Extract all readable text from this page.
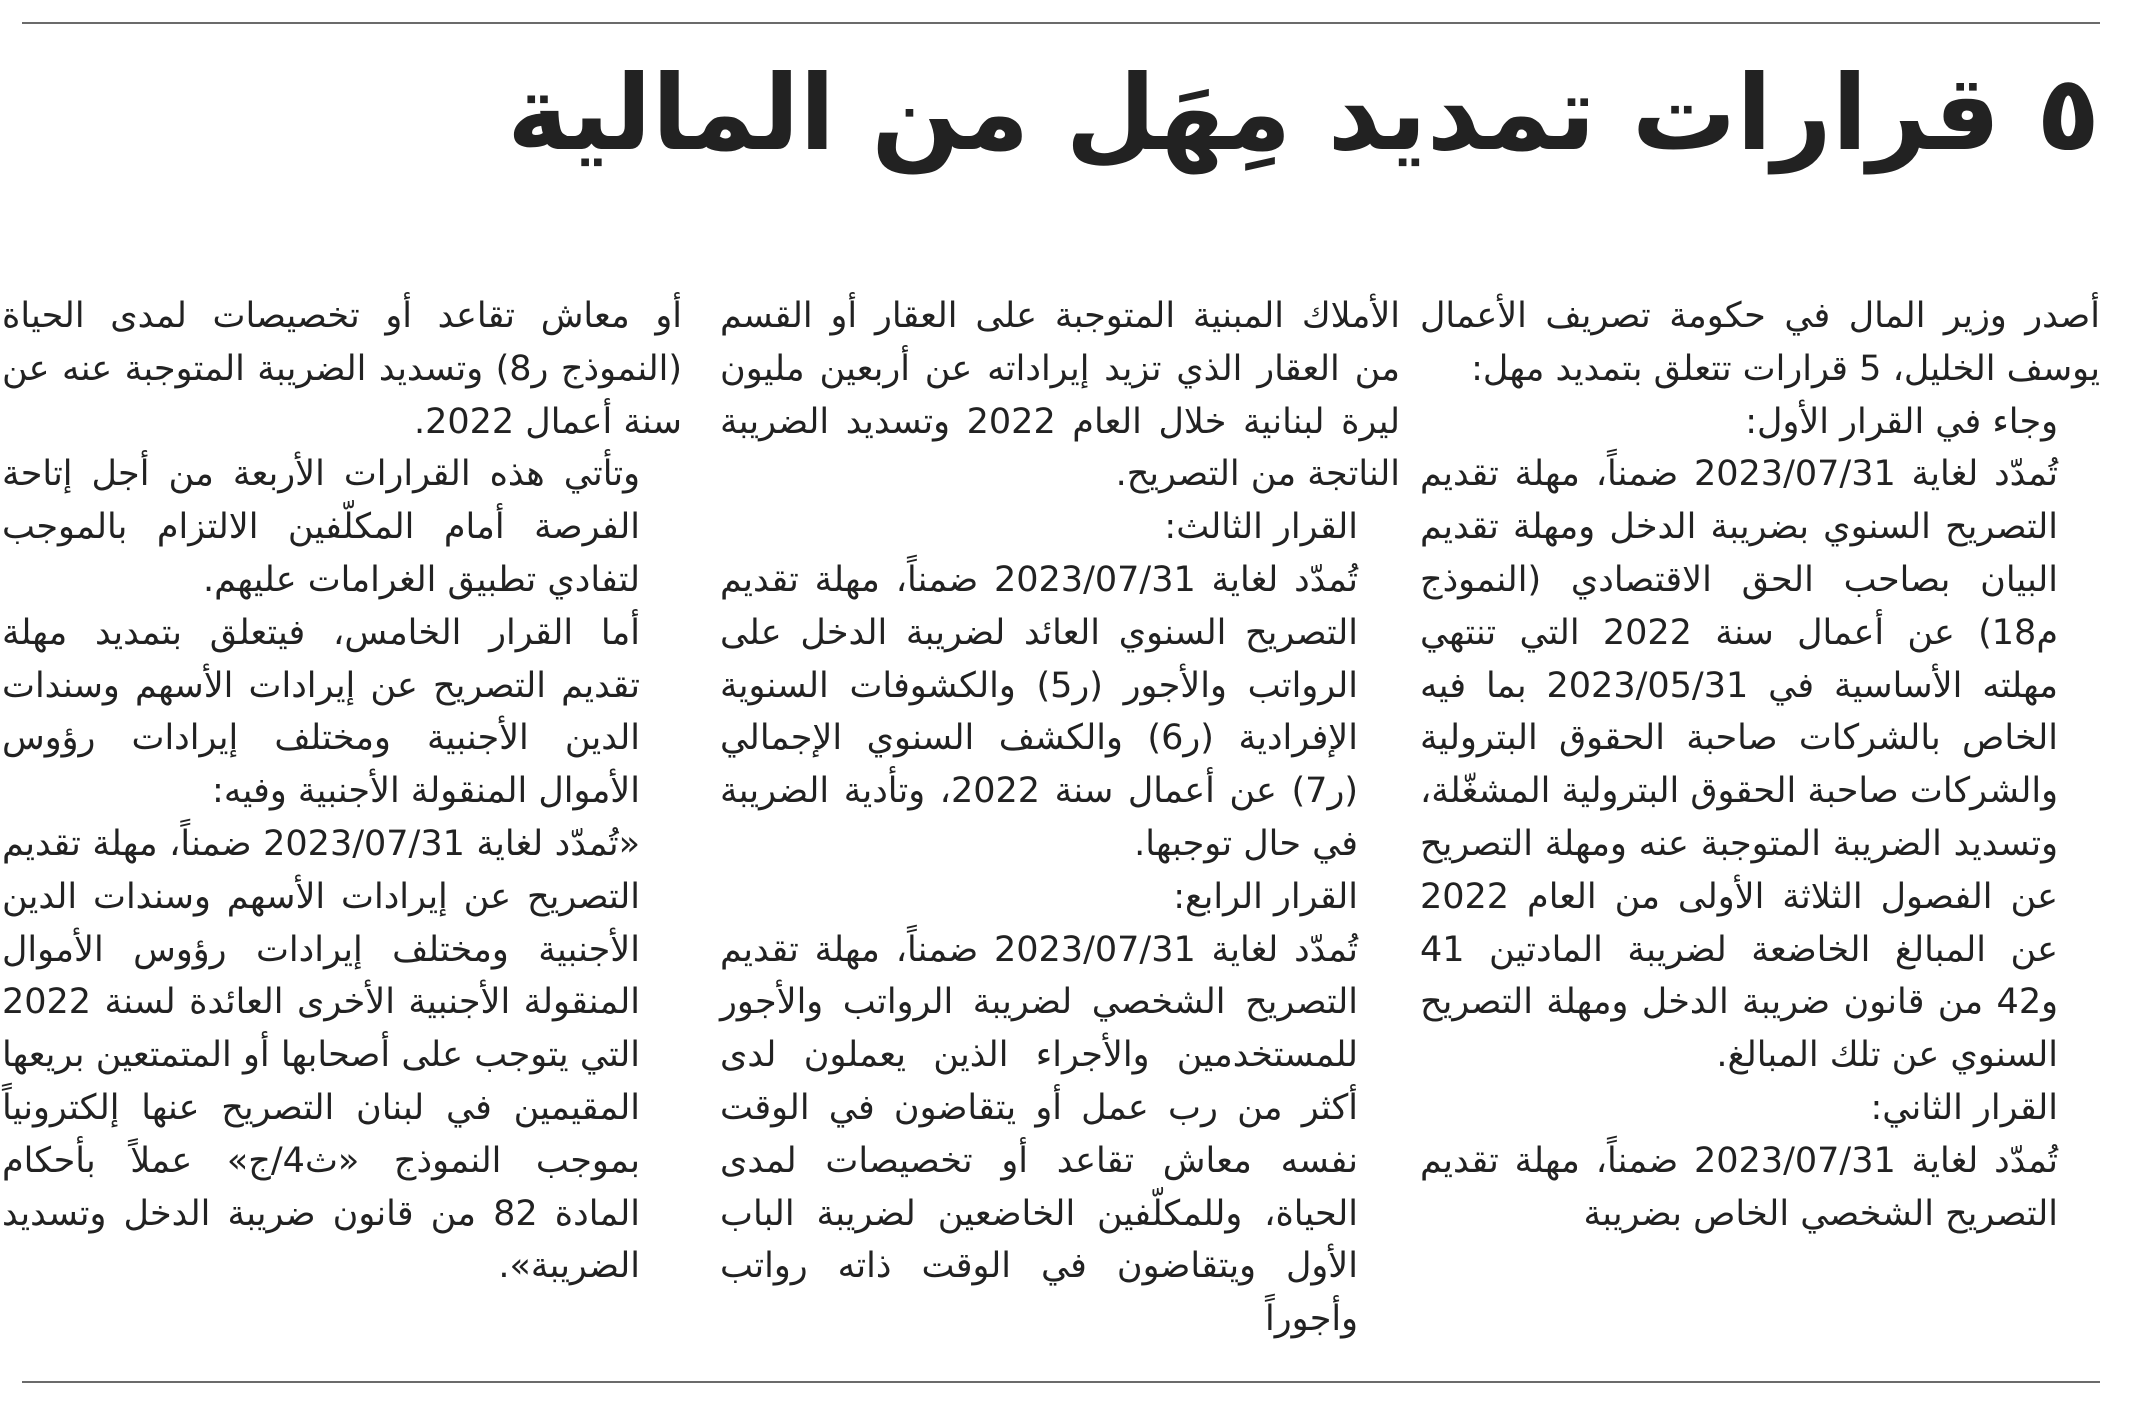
٥ قرارات تمديد مِهَل من المالية

أصدر وزير المال في حكومة تصريف الأعمال يوسف الخليل، 5 قرارات تتعلق بتمديد مهل:

وجاء في القرار الأول:

تُمدّد لغاية 2023/07/31 ضمناً، مهلة تقديم التصريح السنوي بضريبة الدخل ومهلة تقديم البيان بصاحب الحق الاقتصادي (النموذج م18) عن أعمال سنة 2022 التي تنتهي مهلته الأساسية في 2023/05/31 بما فيه الخاص بالشركات صاحبة الحقوق البترولية والشركات صاحبة الحقوق البترولية المشغّلة، وتسديد الضريبة المتوجبة عنه ومهلة التصريح عن الفصول الثلاثة الأولى من العام 2022 عن المبالغ الخاضعة لضريبة المادتين 41 و42 من قانون ضريبة الدخل ومهلة التصريح السنوي عن تلك المبالغ.

القرار الثاني:

تُمدّد لغاية 2023/07/31 ضمناً، مهلة تقديم التصريح الشخصي الخاص بضريبة

الأملاك المبنية المتوجبة على العقار أو القسم من العقار الذي تزيد إيراداته عن أربعين مليون ليرة لبنانية خلال العام 2022 وتسديد الضريبة الناتجة من التصريح.

القرار الثالث:

تُمدّد لغاية 2023/07/31 ضمناً، مهلة تقديم التصريح السنوي العائد لضريبة الدخل على الرواتب والأجور (ر5) والكشوفات السنوية الإفرادية (ر6) والكشف السنوي الإجمالي (ر7) عن أعمال سنة 2022، وتأدية الضريبة في حال توجبها.

القرار الرابع:

تُمدّد لغاية 2023/07/31 ضمناً، مهلة تقديم التصريح الشخصي لضريبة الرواتب والأجور للمستخدمين والأجراء الذين يعملون لدى أكثر من رب عمل أو يتقاضون في الوقت نفسه معاش تقاعد أو تخصيصات لمدى الحياة، وللمكلّفين الخاضعين لضريبة الباب الأول ويتقاضون في الوقت ذاته رواتب وأجوراً

أو معاش تقاعد أو تخصيصات لمدى الحياة (النموذج ر8) وتسديد الضريبة المتوجبة عنه عن سنة أعمال 2022.

وتأتي هذه القرارات الأربعة من أجل إتاحة الفرصة أمام المكلّفين الالتزام بالموجب لتفادي تطبيق الغرامات عليهم.

أما القرار الخامس، فيتعلق بتمديد مهلة تقديم التصريح عن إيرادات الأسهم وسندات الدين الأجنبية ومختلف إيرادات رؤوس الأموال المنقولة الأجنبية وفيه:

«تُمدّد لغاية 2023/07/31 ضمناً، مهلة تقديم التصريح عن إيرادات الأسهم وسندات الدين الأجنبية ومختلف إيرادات رؤوس الأموال المنقولة الأجنبية الأخرى العائدة لسنة 2022 التي يتوجب على أصحابها أو المتمتعين بريعها المقيمين في لبنان التصريح عنها إلكترونياً بموجب النموذج «ث4/ج» عملاً بأحكام المادة 82 من قانون ضريبة الدخل وتسديد الضريبة».
